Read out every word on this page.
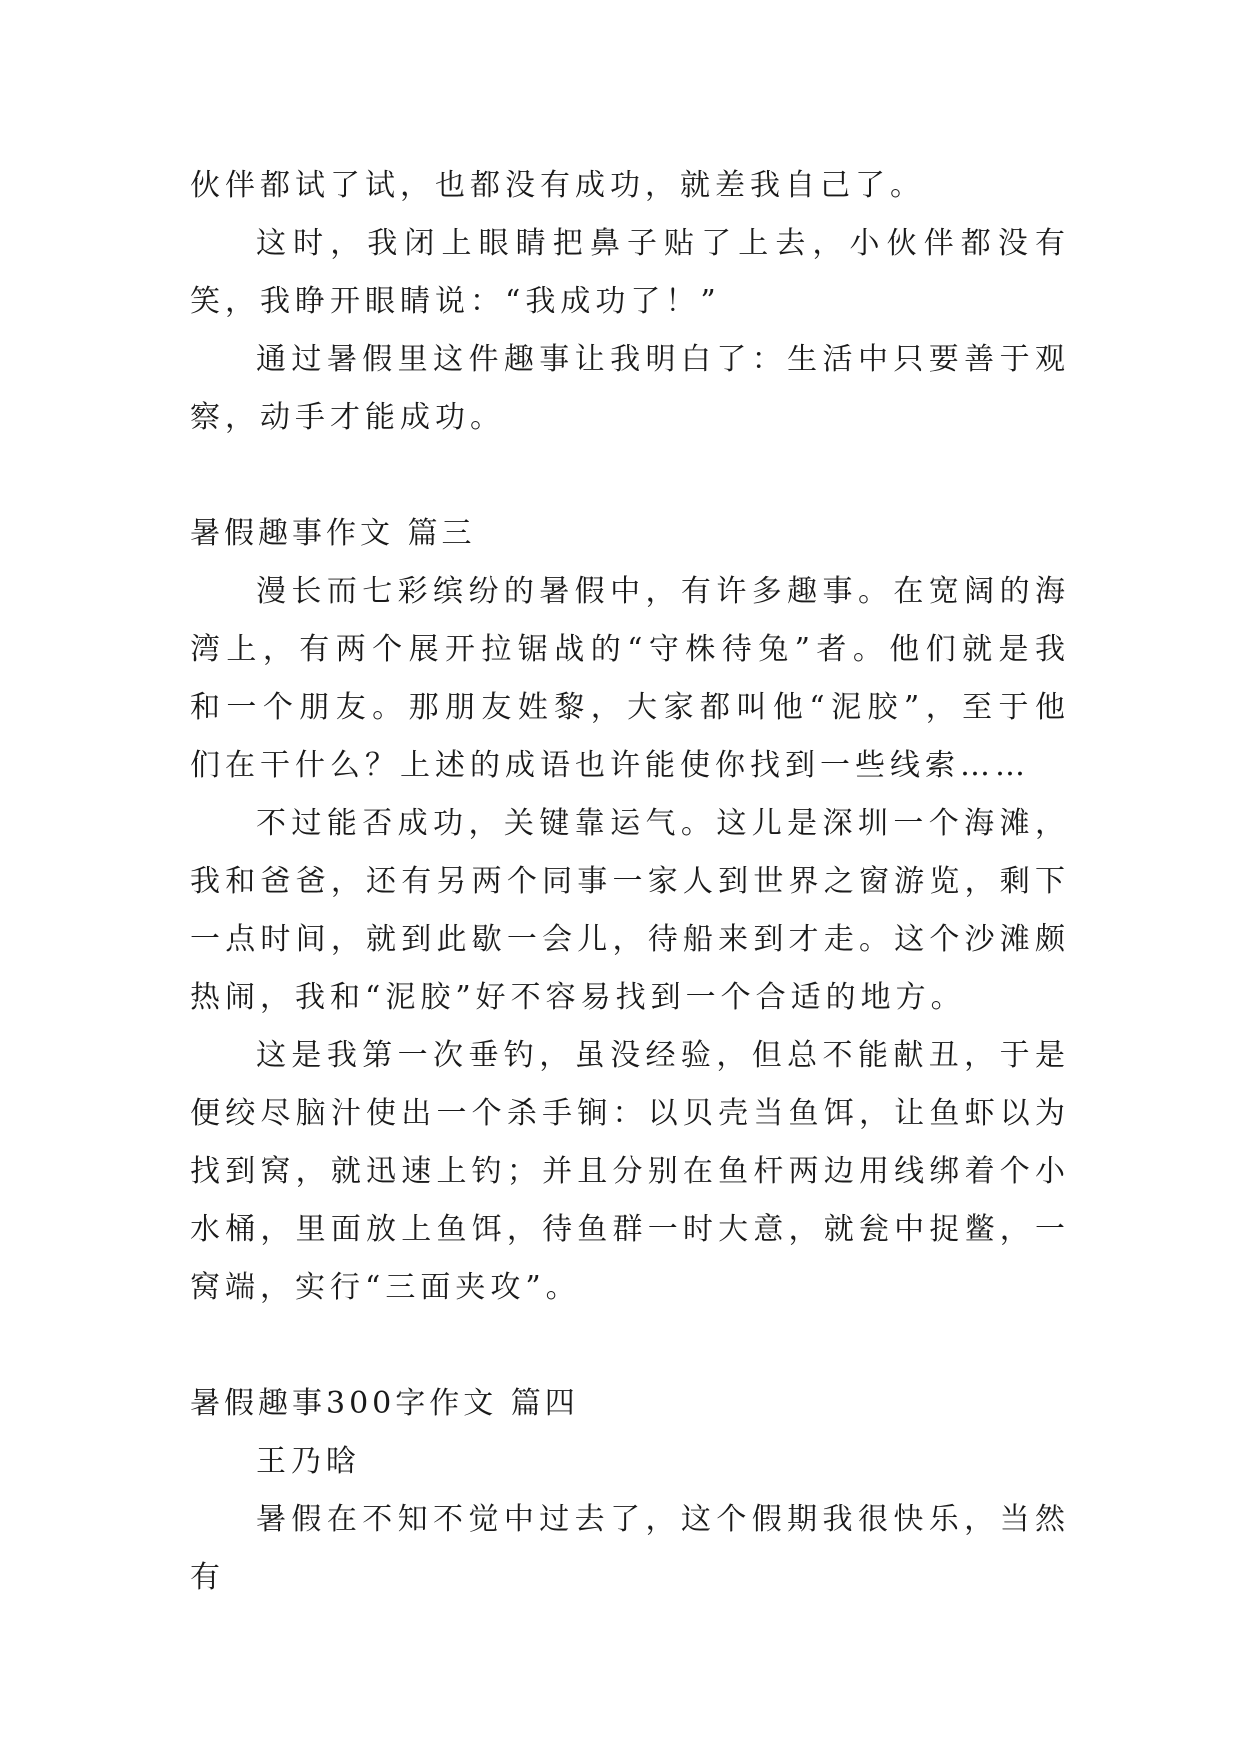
伙伴都试了试，也都没有成功，就差我自己了。

这时，我闭上眼睛把鼻子贴了上去，小伙伴都没有笑，我睁开眼睛说：“我成功了！”

通过暑假里这件趣事让我明白了：生活中只要善于观察，动手才能成功。

暑假趣事作文 篇三

漫长而七彩缤纷的暑假中，有许多趣事。在宽阔的海湾上，有两个展开拉锯战的“守株待兔”者。他们就是我和一个朋友。那朋友姓黎，大家都叫他“泥胶”，至于他们在干什么？上述的成语也许能使你找到一些线索……

不过能否成功，关键靠运气。这儿是深圳一个海滩，我和爸爸，还有另两个同事一家人到世界之窗游览，剩下一点时间，就到此歇一会儿，待船来到才走。这个沙滩颇热闹，我和“泥胶”好不容易找到一个合适的地方。

这是我第一次垂钓，虽没经验，但总不能献丑，于是便绞尽脑汁使出一个杀手锏：以贝壳当鱼饵，让鱼虾以为找到窝，就迅速上钓；并且分别在鱼杆两边用线绑着个小水桶，里面放上鱼饵，待鱼群一时大意，就瓮中捉鳖，一窝端，实行“三面夹攻”。

暑假趣事300字作文 篇四

王乃晗

暑假在不知不觉中过去了，这个假期我很快乐，当然有
